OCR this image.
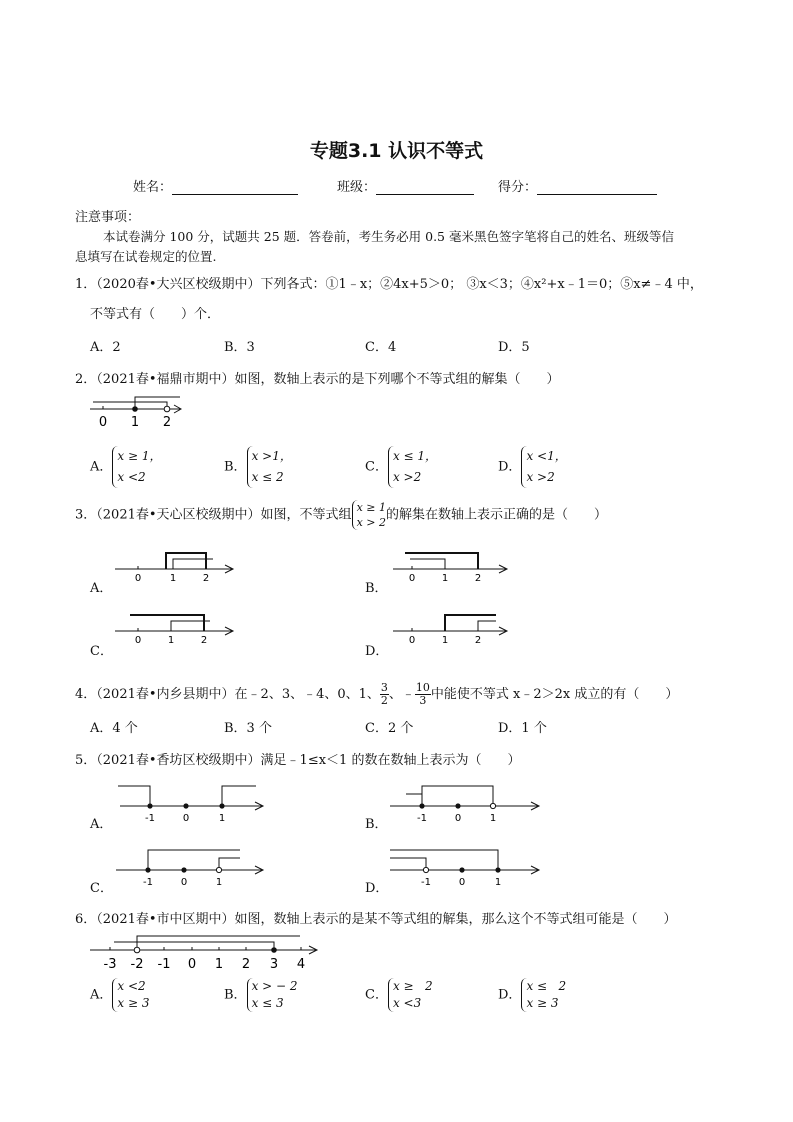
专题3.1 认识不等式
姓名：	班级：	得分：
注意事项：
本试卷满分 100 分，试题共 25 题．答卷前，考生务必用 0.5 毫米黑色签字笔将自己的姓名、班级等信
息填写在试卷规定的位置.
1．（2020春•大兴区校级期中）下列各式：①1﹣x；②4x+5＞0； ③x＜3；④x²+x﹣1＝0；⑤x≠﹣4 中，
不等式有（　　）个．
A．2	B．3	C．4	D．5
2．（2021春•福鼎市期中）如图，数轴上表示的是下列哪个不等式组的解集（　　）
0 1 2
A．x ≥ 1，
x <2
B．x >1，
x ≤ 2
C．x ≤ 1，
x >2
D．x <1，
x >2
3．（2021春•天心区校级期中）如图，不等式组 x ≥ 1
x > 2的解集在数轴上表示正确的是（　　）
A．
0	1	2
B．
0	1	2
C．
0	1	2
D．
0	1	2
4．（2021春•内乡县期中）在﹣2、3、﹣4、0、1、 $\frac{3}{2}$ 、﹣ $\frac{10}{3}$ 中能使不等式 x﹣2＞2x 成立的有（　　）
A．4 个	B．3 个	C．2 个	D．1 个
5．（2021春•香坊区校级期中）满足﹣1≤x＜1 的数在数轴上表示为（　　）
A．	-1	0	1	B．	-1	0	1
C．	-1	0	1	D．	-1	0	1
6．（2021春•市中区期中）如图，数轴上表示的是某不等式组的解集，那么这个不等式组可能是（　　）
-3 -2 -1 0 1 2 3 4
A．x <2
x ≥ 3
B．x > − 2
x ≤ 3
C．x ≥   2
x <3
D．x ≤   2
x ≥ 3
